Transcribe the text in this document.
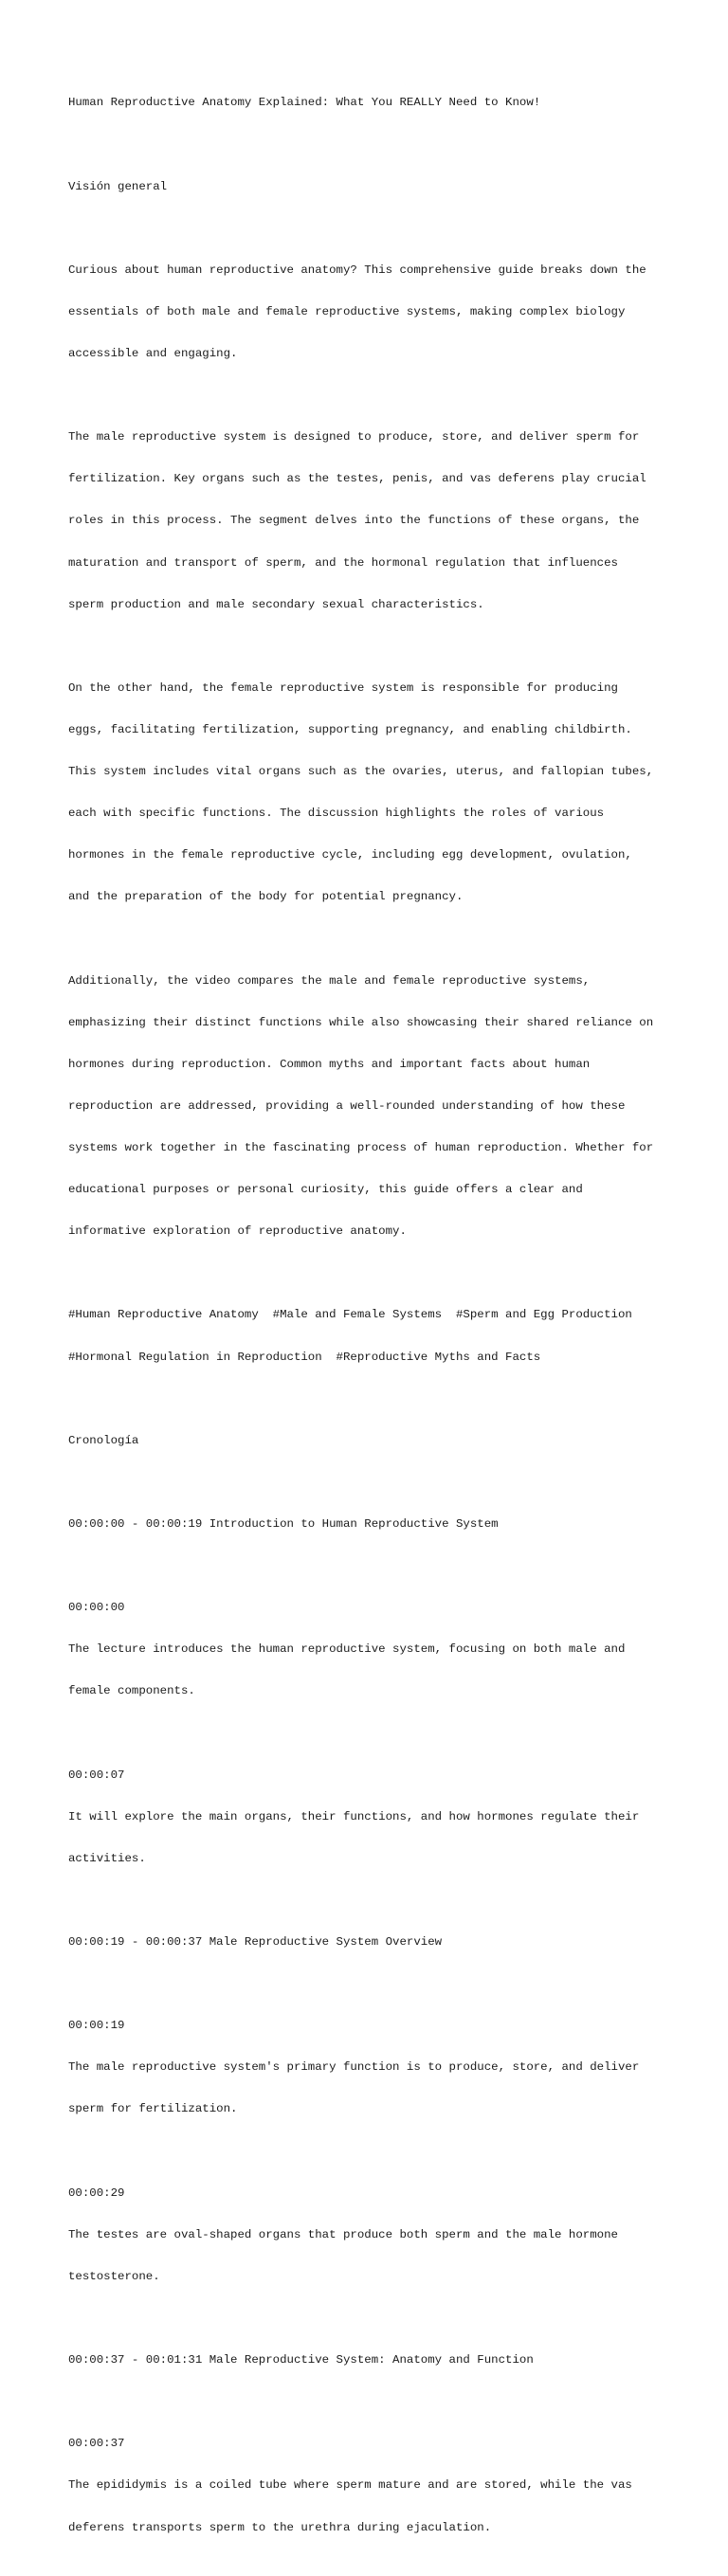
Human Reproductive Anatomy Explained: What You REALLY Need to Know!

Visión general

Curious about human reproductive anatomy? This comprehensive guide breaks down the

essentials of both male and female reproductive systems, making complex biology

accessible and engaging.

The male reproductive system is designed to produce, store, and deliver sperm for

fertilization. Key organs such as the testes, penis, and vas deferens play crucial

roles in this process. The segment delves into the functions of these organs, the

maturation and transport of sperm, and the hormonal regulation that influences

sperm production and male secondary sexual characteristics.

On the other hand, the female reproductive system is responsible for producing

eggs, facilitating fertilization, supporting pregnancy, and enabling childbirth.

This system includes vital organs such as the ovaries, uterus, and fallopian tubes,

each with specific functions. The discussion highlights the roles of various

hormones in the female reproductive cycle, including egg development, ovulation,

and the preparation of the body for potential pregnancy.

Additionally, the video compares the male and female reproductive systems,

emphasizing their distinct functions while also showcasing their shared reliance on

hormones during reproduction. Common myths and important facts about human

reproduction are addressed, providing a well-rounded understanding of how these

systems work together in the fascinating process of human reproduction. Whether for

educational purposes or personal curiosity, this guide offers a clear and

informative exploration of reproductive anatomy.

#Human Reproductive Anatomy  #Male and Female Systems  #Sperm and Egg Production

#Hormonal Regulation in Reproduction  #Reproductive Myths and Facts

Cronología

00:00:00 - 00:00:19 Introduction to Human Reproductive System

00:00:00

The lecture introduces the human reproductive system, focusing on both male and

female components.

00:00:07

It will explore the main organs, their functions, and how hormones regulate their

activities.

00:00:19 - 00:00:37 Male Reproductive System Overview

00:00:19

The male reproductive system's primary function is to produce, store, and deliver

sperm for fertilization.

00:00:29

The testes are oval-shaped organs that produce both sperm and the male hormone

testosterone.

00:00:37 - 00:01:31 Male Reproductive System: Anatomy and Function

00:00:37

The epididymis is a coiled tube where sperm mature and are stored, while the vas

deferens transports sperm to the urethra during ejaculation.
